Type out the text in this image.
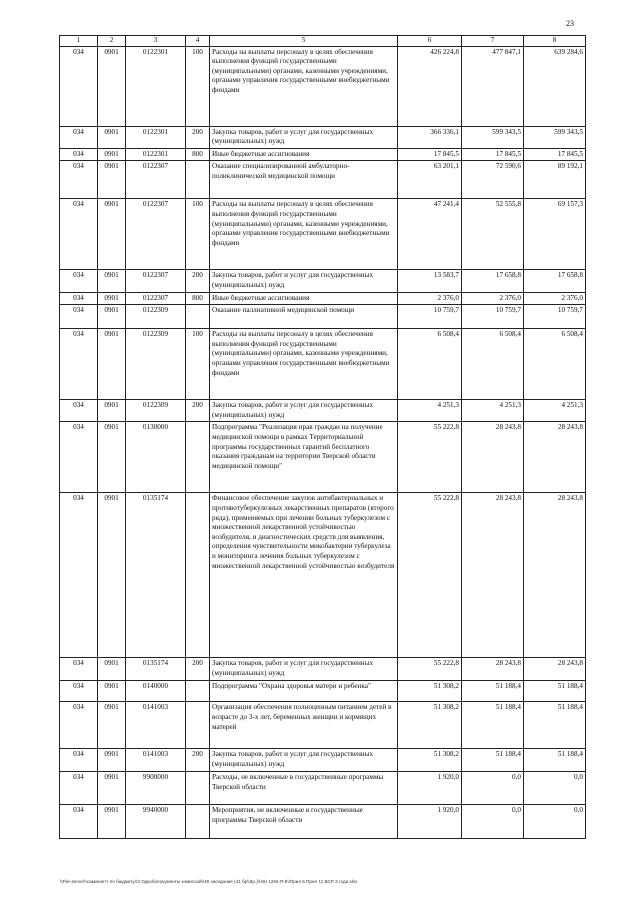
23
1	2	3	4	5	6	7	8
034	0901	0122301	100	Расходы на выплаты персоналу в целях обеспечения выполнения функций государственными (муниципальными) органами, казенными учреждениями, органами управления государственными внебюджетными фондами	426 224,8	477 847,1	639 284,6
034	0901	0122301	200	Закупка товаров, работ и услуг для государственных (муниципальных) нужд	366 336,1	599 343,5	599 343,5
034	0901	0122301	800	Иные бюджетные ассигнования	17 845,5	17 845,5	17 845,5
034	0901	0122307		Оказание специализированной амбулаторно-поликлинической медицинской помощи	63 201,1	72 590,6	89 192,1
034	0901	0122307	100	Расходы на выплаты персоналу в целях обеспечения выполнения функций государственными (муниципальными) органами, казенными учреждениями, органами управления государственными внебюджетными фондами	47 241,4	52 555,8	69 157,3
034	0901	0122307	200	Закупка товаров, работ и услуг для государственных (муниципальных) нужд	13 583,7	17 658,8	17 658,8
034	0901	0122307	800	Иные бюджетные ассигнования	2 376,0	2 376,0	2 376,0
034	0901	0122309		Оказание паллиативной медицинской помощи	10 759,7	10 759,7	10 759,7
034	0901	0122309	100	Расходы на выплаты персоналу в целях обеспечения выполнения функций государственными (муниципальными) органами, казенными учреждениями, органами управления государственными внебюджетными фондами	6 508,4	6 508,4	6 508,4
034	0901	0122309	200	Закупка товаров, работ и услуг для государственных (муниципальных) нужд	4 251,3	4 251,3	4 251,3
034	0901	0130000		Подпрограмма "Реализация прав граждан на получение медицинской помощи в рамках Территориальной программы государственных гарантий бесплатного оказания гражданам на территории Тверской области медицинской помощи"	55 222,8	28 243,8	28 243,8
034	0901	0135174		Финансовое обеспечение закупок антибактериальных и противотуберкулезных лекарственных препаратов (второго ряда), применяемых при лечении больных туберкулезом с множественной лекарственной устойчивостью возбудителя, и диагностических средств для выявления, определения чувствительности микобактерии туберкулеза и мониторинга лечения больных туберкулезом с множественной лекарственной устойчивостью возбудителя	55 222,8	28 243,8	28 243,8
034	0901	0135174	200	Закупка товаров, работ и услуг для государственных (муниципальных) нужд	55 222,8	28 243,8	28 243,8
034	0901	0140000		Подпрограмма "Охрана здоровья матери и ребенка"	51 308,2	51 188,4	51 188,4
034	0901	0141003		Организация обеспечения полноценным питанием детей в возрасте до 3-х лет, беременных женщин и кормящих матерей	51 308,2	51 188,4	51 188,4
034	0901	0141003	200	Закупка товаров, работ и услуг для государственных (муниципальных) нужд	51 308,2	51 188,4	51 188,4
034	0901	9900000		Расходы, не включенные в государственные программы Тверской области	1 920,0	0,0	0,0
034	0901	9940000		Мероприятия, не включенные в государственные программы Тверской области	1 920,0	0,0	0,0
\\File-server\\сакмонетт по бюджету\\3 Одкоболокументы комиссий\\49 заседание (41 бр\\Кр.)\\49) 1292-П-5\\Прил 6 Прил 11 ВСР 3 года.xlsx
